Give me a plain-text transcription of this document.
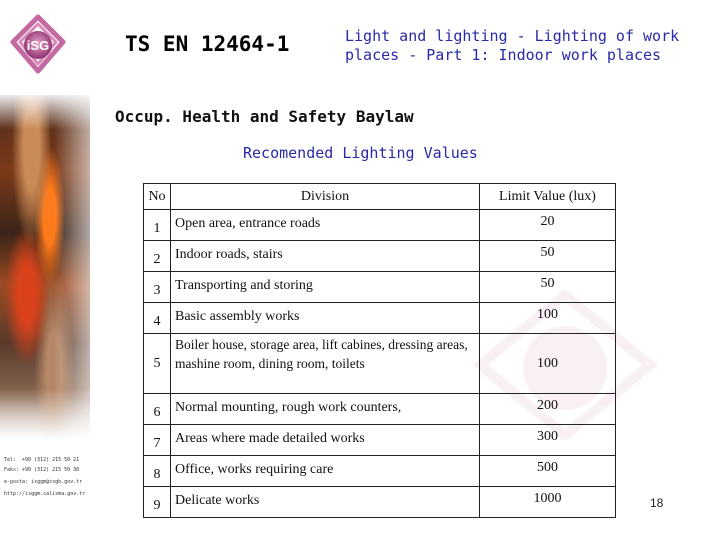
iSG
Tel:	+90 (312) 215 50 21
Faks: +90 (312) 215 50 30
e-posta: isggm@csgb.gov.tr
http://isggm.calisma.gov.tr
TS EN 12464-1	Light and lighting - Lighting of work places - Part 1: Indoor work places
Occup. Health and Safety Baylaw
Recomended Lighting Values
No	Division	Limit Value (lux)
1	Open area, entrance roads	20
2	Indoor roads, stairs	50
3	Transporting and storing	50
4	Basic assembly works	100
5	Boiler house, storage area, lift cabines, dressing areas, mashine room, dining room, toilets	100
6	Normal mounting, rough work counters,	200
7	Areas where made detailed works	300
8	Office, works requiring care	500
9	Delicate works	1000	18
